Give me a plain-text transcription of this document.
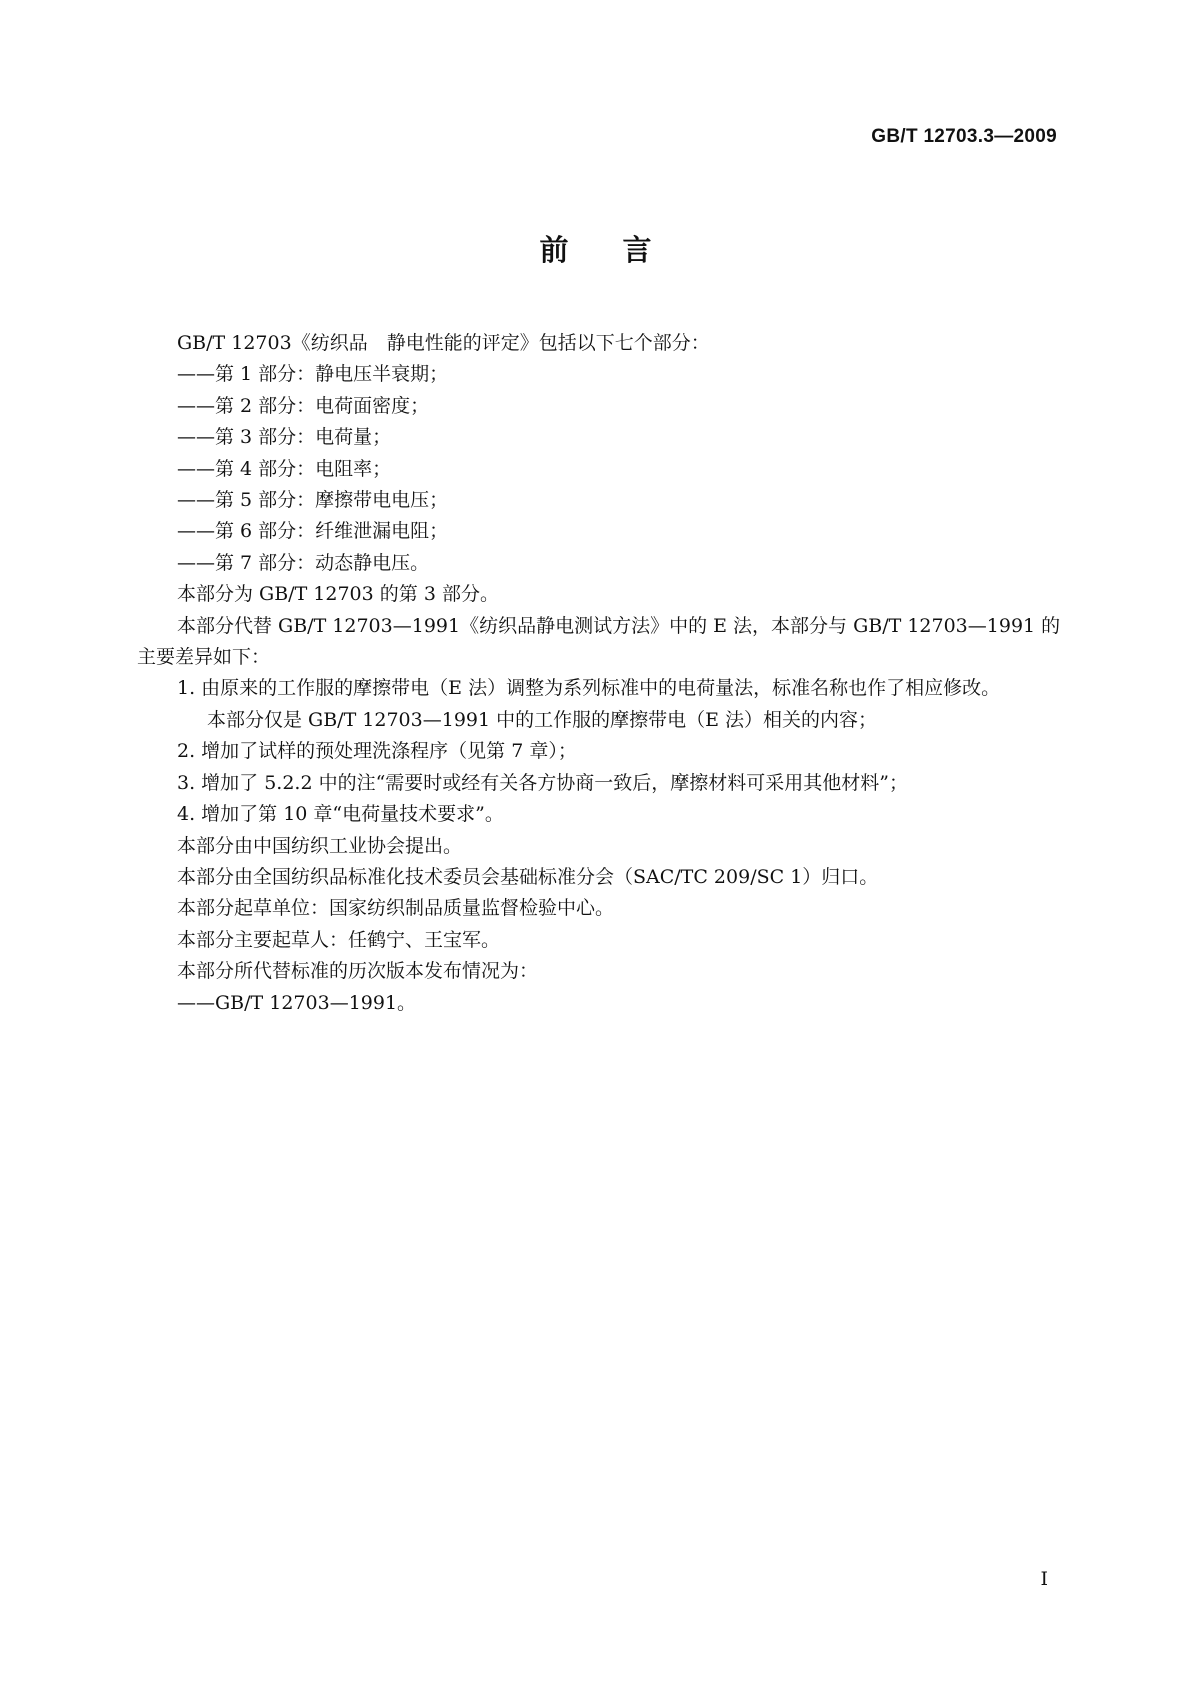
GB/T 12703.3—2009
前言

GB/T 12703《纺织品　静电性能的评定》包括以下七个部分：

——第 1 部分：静电压半衰期；

——第 2 部分：电荷面密度；

——第 3 部分：电荷量；

——第 4 部分：电阻率；

——第 5 部分：摩擦带电电压；

——第 6 部分：纤维泄漏电阻；

——第 7 部分：动态静电压。

本部分为 GB/T 12703 的第 3 部分。

本部分代替 GB/T 12703—1991《纺织品静电测试方法》中的 E 法，本部分与 GB/T 12703—1991 的

主要差异如下：

1. 由原来的工作服的摩擦带电（E 法）调整为系列标准中的电荷量法，标准名称也作了相应修改。

本部分仅是 GB/T 12703—1991 中的工作服的摩擦带电（E 法）相关的内容；

2. 增加了试样的预处理洗涤程序（见第 7 章）；

3. 增加了 5.2.2 中的注“需要时或经有关各方协商一致后，摩擦材料可采用其他材料”；

4. 增加了第 10 章“电荷量技术要求”。

本部分由中国纺织工业协会提出。

本部分由全国纺织品标准化技术委员会基础标准分会（SAC/TC 209/SC 1）归口。

本部分起草单位：国家纺织制品质量监督检验中心。

本部分主要起草人：任鹤宁、王宝军。

本部分所代替标准的历次版本发布情况为：

——GB/T 12703—1991。

I
